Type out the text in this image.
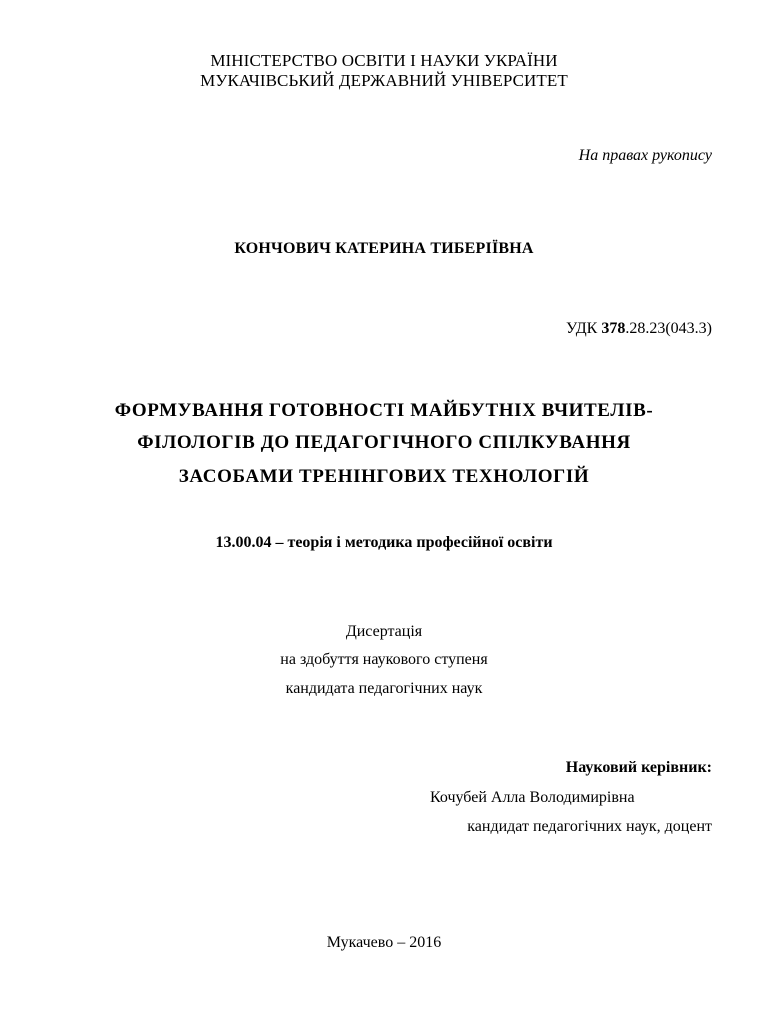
МІНІСТЕРСТВО ОСВІТИ І НАУКИ УКРАЇНИ
МУКАЧІВСЬКИЙ ДЕРЖАВНИЙ УНІВЕРСИТЕТ
На правах рукопису
КОНЧОВИЧ КАТЕРИНА ТИБЕРІЇВНА
УДК 378.28.23(043.3)
ФОРМУВАННЯ ГОТОВНОСТІ МАЙБУТНІХ ВЧИТЕЛІВ-
ФІЛОЛОГІВ ДО ПЕДАГОГІЧНОГО СПІЛКУВАННЯ
ЗАСОБАМИ ТРЕНІНГОВИХ ТЕХНОЛОГІЙ
13.00.04 – теорія і методика професійної освіти
Дисертація
на здобуття наукового ступеня
кандидата педагогічних наук
Науковий керівник:
Кочубей Алла Володимирівна
кандидат педагогічних наук, доцент
Мукачево – 2016
